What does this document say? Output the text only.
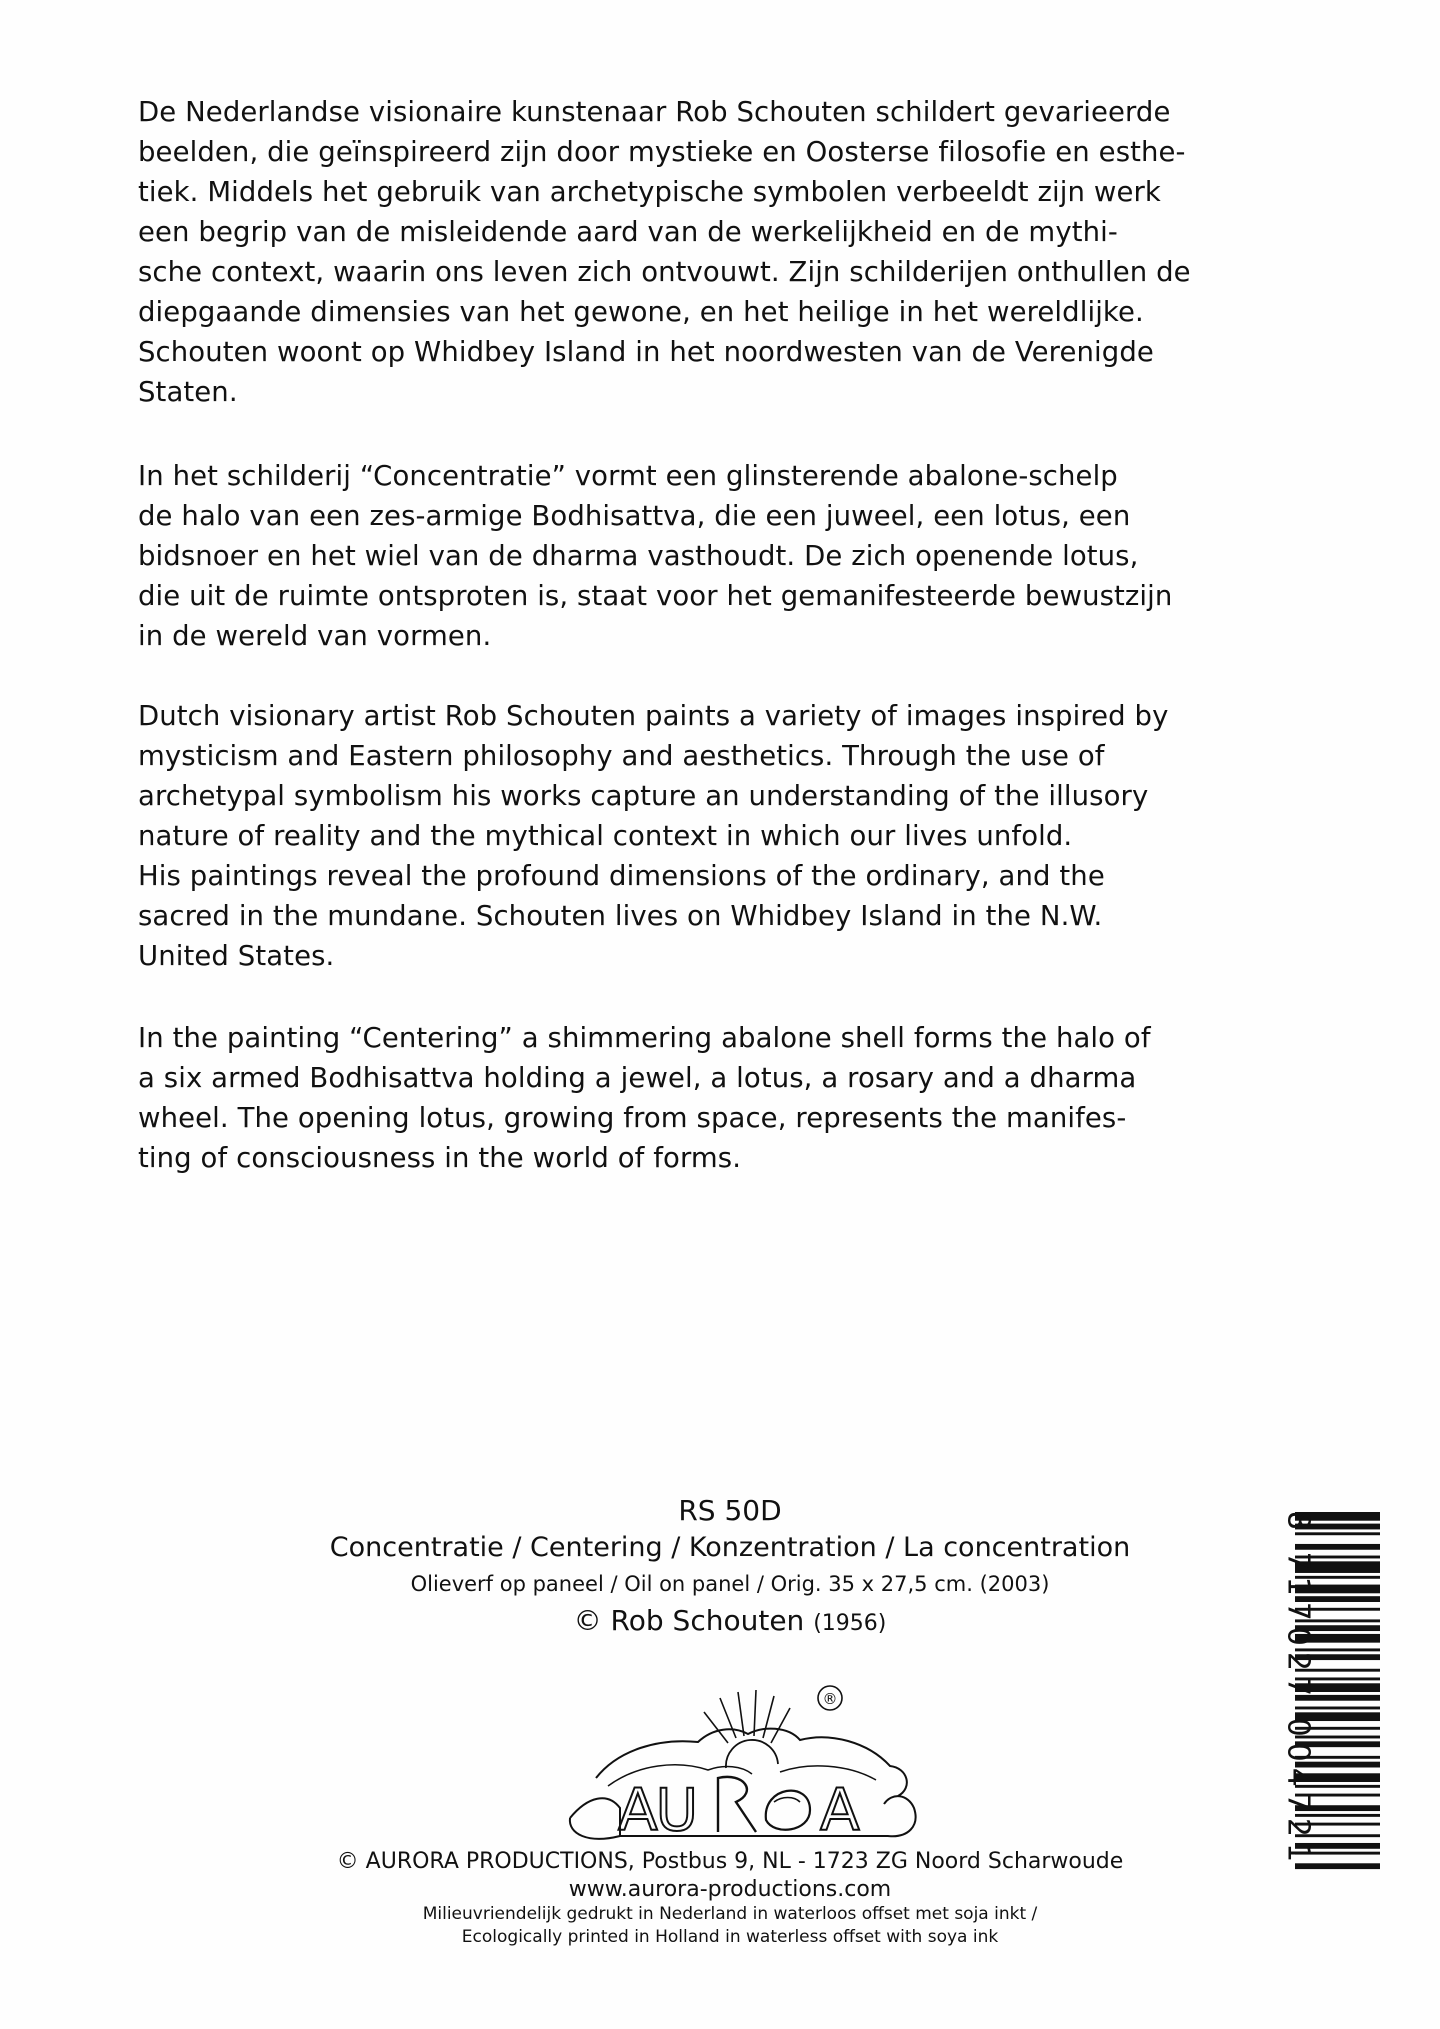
De Nederlandse visionaire kunstenaar Rob Schouten schildert gevarieerde
beelden, die geïnspireerd zijn door mystieke en Oosterse filosofie en esthe-
tiek. Middels het gebruik van archetypische symbolen verbeeldt zijn werk
een begrip van de misleidende aard van de werkelijkheid en de mythi-
sche context, waarin ons leven zich ontvouwt. Zijn schilderijen onthullen de
diepgaande dimensies van het gewone, en het heilige in het wereldlijke.
Schouten woont op Whidbey Island in het noordwesten van de Verenigde
Staten.
In het schilderij “Concentratie” vormt een glinsterende abalone-schelp
de halo van een zes-armige Bodhisattva, die een juweel, een lotus, een
bidsnoer en het wiel van de dharma vasthoudt. De zich openende lotus,
die uit de ruimte ontsproten is, staat voor het gemanifesteerde bewustzijn
in de wereld van vormen.
Dutch visionary artist Rob Schouten paints a variety of images inspired by
mysticism and Eastern philosophy and aesthetics. Through the use of
archetypal symbolism his works capture an understanding of the illusory
nature of reality and the mythical context in which our lives unfold.
His paintings reveal the profound dimensions of the ordinary, and the
sacred in the mundane. Schouten lives on Whidbey Island in the N.W.
United States.
In the painting “Centering” a shimmering abalone shell forms the halo of
a six armed Bodhisattva holding a jewel, a lotus, a rosary and a dharma
wheel. The opening lotus, growing from space, represents the manifes-
ting of consciousness in the world of forms.
RS 50D
Concentratie / Centering / Konzentration / La concentration
Olieverf op paneel / Oil on panel / Orig. 35 x 27,5 cm. (2003)
© Rob Schouten (1956)
®
AU A
© AURORA PRODUCTIONS, Postbus 9, NL - 1723 ZG Noord Scharwoude
www.aurora-productions.com
Milieuvriendelijk gedrukt in Nederland in waterloos offset met soja inkt /
Ecologically printed in Holland in waterless offset with soya ink
8 717027 004721
